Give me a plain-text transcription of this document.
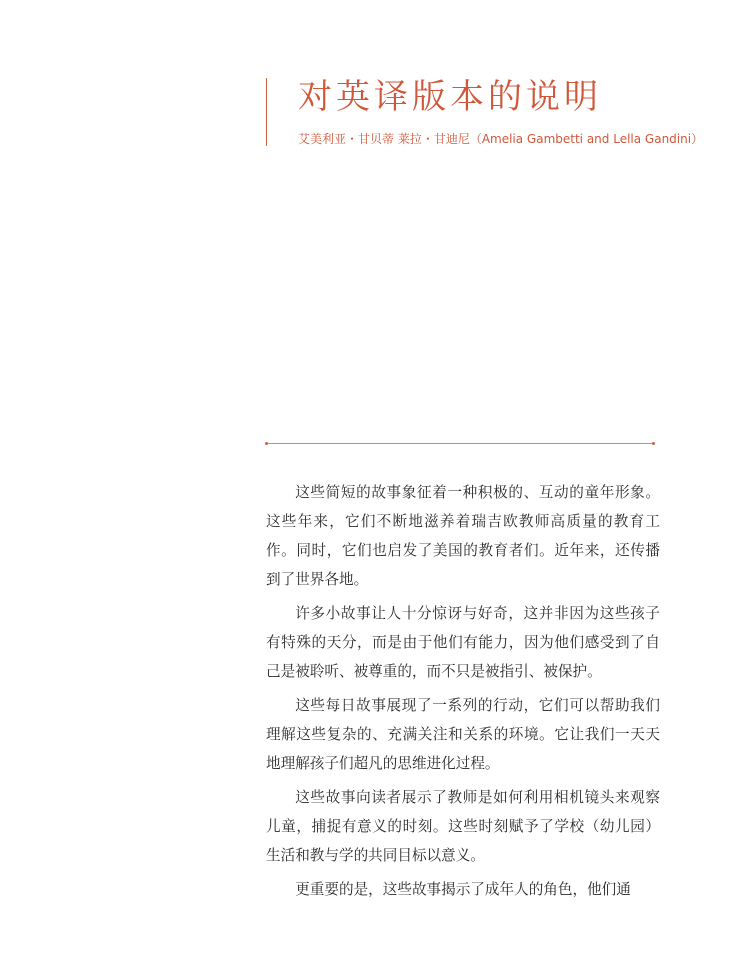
对英译版本的说明
艾美利亚・甘贝蒂 莱拉・甘迪尼（Amelia Gambetti and Lella Gandini）

这些简短的故事象征着一种积极的、互动的童年形象。这些年来，它们不断地滋养着瑞吉欧教师高质量的教育工作。同时，它们也启发了美国的教育者们。近年来，还传播到了世界各地。

许多小故事让人十分惊讶与好奇，这并非因为这些孩子有特殊的天分，而是由于他们有能力，因为他们感受到了自己是被聆听、被尊重的，而不只是被指引、被保护。

这些每日故事展现了一系列的行动，它们可以帮助我们理解这些复杂的、充满关注和关系的环境。它让我们一天天地理解孩子们超凡的思维进化过程。

这些故事向读者展示了教师是如何利用相机镜头来观察儿童，捕捉有意义的时刻。这些时刻赋予了学校（幼儿园）生活和教与学的共同目标以意义。

更重要的是，这些故事揭示了成年人的角色，他们通
